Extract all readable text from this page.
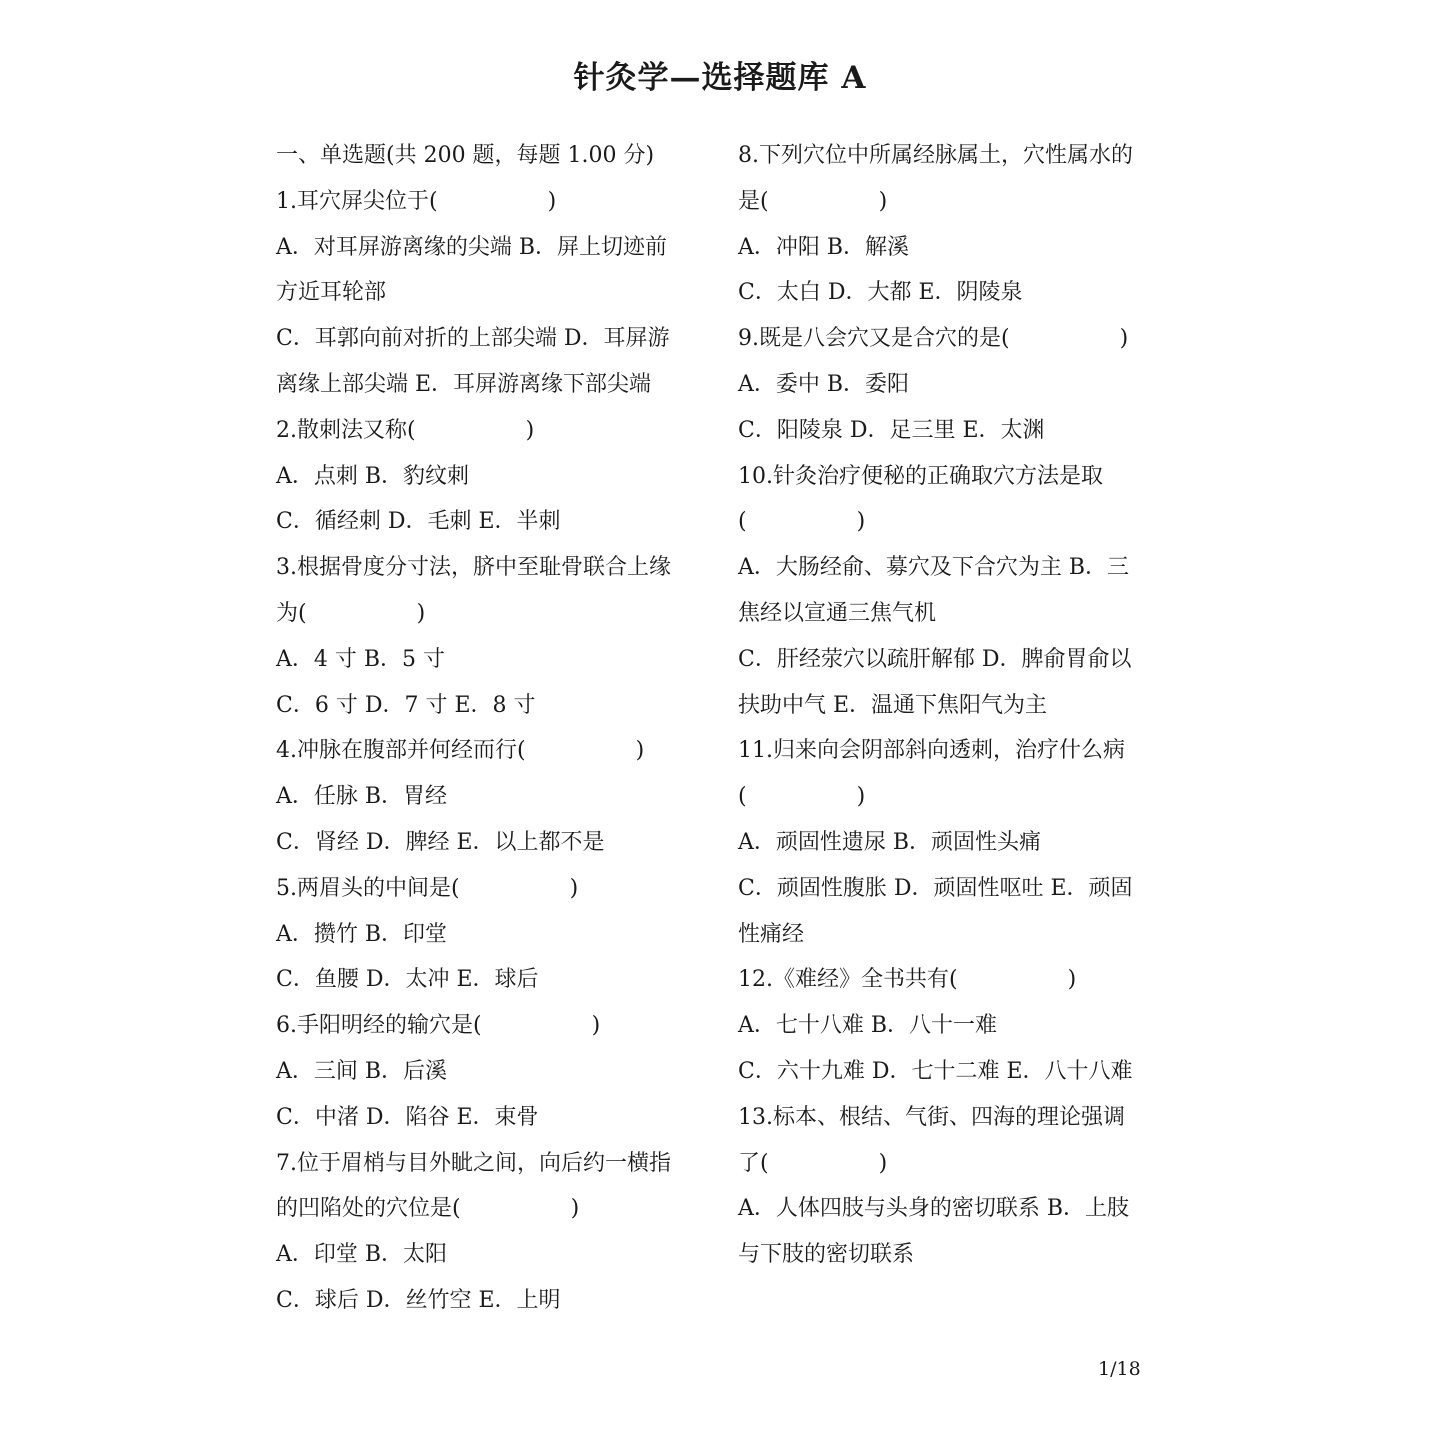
针灸学—选择题库 A
一、单选题(共 200 题，每题 1.00 分)
1.耳穴屏尖位于(　　　　　)
A．对耳屏游离缘的尖端 B．屏上切迹前
方近耳轮部
C．耳郭向前对折的上部尖端 D．耳屏游
离缘上部尖端 E．耳屏游离缘下部尖端
2.散刺法又称(　　　　　)
A．点刺 B．豹纹刺
C．循经刺 D．毛刺 E．半刺
3.根据骨度分寸法，脐中至耻骨联合上缘
为(　　　　　)
A．4 寸 B．5 寸
C．6 寸 D．7 寸 E．8 寸
4.冲脉在腹部并何经而行(　　　　　)
A．任脉 B．胃经
C．肾经 D．脾经 E．以上都不是
5.两眉头的中间是(　　　　　)
A．攒竹 B．印堂
C．鱼腰 D．太冲 E．球后
6.手阳明经的输穴是(　　　　　)
A．三间 B．后溪
C．中渚 D．陷谷 E．束骨
7.位于眉梢与目外眦之间，向后约一横指
的凹陷处的穴位是(　　　　　)
A．印堂 B．太阳
C．球后 D．丝竹空 E．上明
8.下列穴位中所属经脉属土，穴性属水的
是(　　　　　)
A．冲阳 B．解溪
C．太白 D．大都 E．阴陵泉
9.既是八会穴又是合穴的是(　　　　　)
A．委中 B．委阳
C．阳陵泉 D．足三里 E．太渊
10.针灸治疗便秘的正确取穴方法是取
(　　　　　)
A．大肠经俞、募穴及下合穴为主 B．三
焦经以宣通三焦气机
C．肝经荥穴以疏肝解郁 D．脾俞胃俞以
扶助中气 E．温通下焦阳气为主
11.归来向会阴部斜向透刺，治疗什么病
(　　　　　)
A．顽固性遗尿 B．顽固性头痛
C．顽固性腹胀 D．顽固性呕吐 E．顽固
性痛经
12.《难经》全书共有(　　　　　)
A．七十八难 B．八十一难
C．六十九难 D．七十二难 E．八十八难
13.标本、根结、气街、四海的理论强调
了(　　　　　)
A．人体四肢与头身的密切联系 B．上肢
与下肢的密切联系
1/18
